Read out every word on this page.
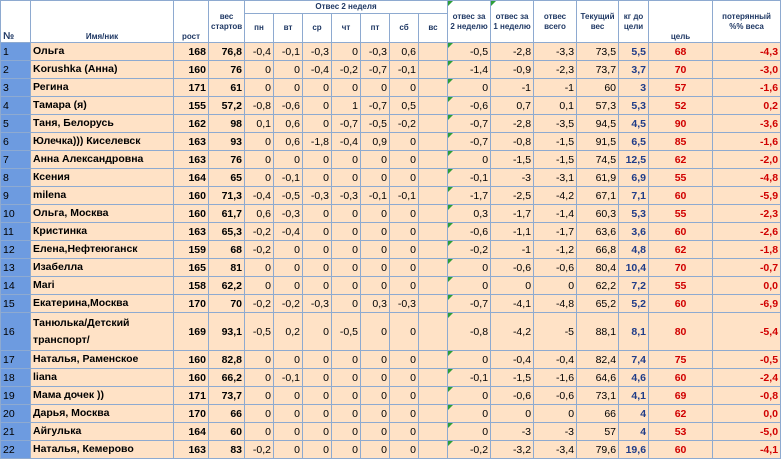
№	Имя/ник	рост	вес стартов	Отвес 2 неделя							отвес за 2 неделю	отвес за 1 неделю	отвес всего	Текущий вес	кг до цели	цель	потерянный %% веса
				пн	вт	ср	чт	пт	сб	вс							
1	Ольга	168	76,8	-0,4	-0,1	-0,3	0	-0,3	0,6		-0,5	-2,8	-3,3	73,5	5,5	68	-4,3
2	Korushka (Анна)	160	76	0	0	-0,4	-0,2	-0,7	-0,1		-1,4	-0,9	-2,3	73,7	3,7	70	-3,0
3	Регина	171	61	0	0	0	0	0	0		0	-1	-1	60	3	57	-1,6
4	Тамара (я)	155	57,2	-0,8	-0,6	0	1	-0,7	0,5		-0,6	0,7	0,1	57,3	5,3	52	0,2
5	Таня, Белорусь	162	98	0,1	0,6	0	-0,7	-0,5	-0,2		-0,7	-2,8	-3,5	94,5	4,5	90	-3,6
6	Юлечка))) Киселевск	163	93	0	0,6	-1,8	-0,4	0,9	0		-0,7	-0,8	-1,5	91,5	6,5	85	-1,6
7	Анна Александровна	163	76	0	0	0	0	0	0		0	-1,5	-1,5	74,5	12,5	62	-2,0
8	Ксения	164	65	0	-0,1	0	0	0	0		-0,1	-3	-3,1	61,9	6,9	55	-4,8
9	milena	160	71,3	-0,4	-0,5	-0,3	-0,3	-0,1	-0,1		-1,7	-2,5	-4,2	67,1	7,1	60	-5,9
10	Ольга, Москва	160	61,7	0,6	-0,3	0	0	0	0		0,3	-1,7	-1,4	60,3	5,3	55	-2,3
11	Кристинка	163	65,3	-0,2	-0,4	0	0	0	0		-0,6	-1,1	-1,7	63,6	3,6	60	-2,6
12	Елена,Нефтеюганск	159	68	-0,2	0	0	0	0	0		-0,2	-1	-1,2	66,8	4,8	62	-1,8
13	Изабелла	165	81	0	0	0	0	0	0		0	-0,6	-0,6	80,4	10,4	70	-0,7
14	Mari	158	62,2	0	0	0	0	0	0		0	0	0	62,2	7,2	55	0,0
15	Екатерина,Москва	170	70	-0,2	-0,2	-0,3	0	0,3	-0,3		-0,7	-4,1	-4,8	65,2	5,2	60	-6,9
16	Танюлька/Детский транспорт/	169	93,1	-0,5	0,2	0	-0,5	0	0		-0,8	-4,2	-5	88,1	8,1	80	-5,4
17	Наталья, Раменское	160	82,8	0	0	0	0	0	0		0	-0,4	-0,4	82,4	7,4	75	-0,5
18	liana	160	66,2	0	-0,1	0	0	0	0		-0,1	-1,5	-1,6	64,6	4,6	60	-2,4
19	Мама дочек ))	171	73,7	0	0	0	0	0	0		0	-0,6	-0,6	73,1	4,1	69	-0,8
20	Дарья, Москва	170	66	0	0	0	0	0	0		0	0	0	66	4	62	0,0
21	Айгулька	164	60	0	0	0	0	0	0		0	-3	-3	57	4	53	-5,0
22	Наталья, Кемерово	163	83	-0,2	0	0	0	0	0		-0,2	-3,2	-3,4	79,6	19,6	60	-4,1
